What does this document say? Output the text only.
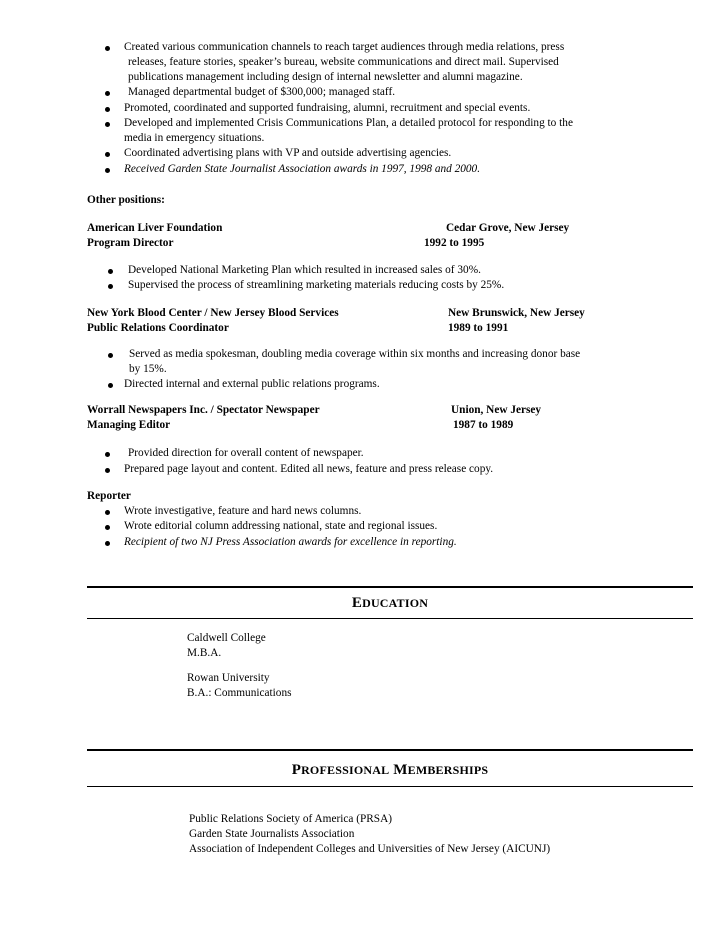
Created various communication channels to reach target audiences through media relations, press
releases, feature stories, speaker’s bureau, website communications and direct mail. Supervised
publications management including design of internal newsletter and alumni magazine.
Managed departmental budget of $300,000; managed staff.
Promoted, coordinated and supported fundraising, alumni, recruitment and special events.
Developed and implemented Crisis Communications Plan, a detailed protocol for responding to the
media in emergency situations.
Coordinated advertising plans with VP and outside advertising agencies.
Received Garden State Journalist Association awards in 1997, 1998 and 2000.
Other positions:
American Liver Foundation	Cedar Grove, New Jersey
Program Director	1992 to 1995
Developed National Marketing Plan which resulted in increased sales of 30%.
Supervised the process of streamlining marketing materials reducing costs by 25%.
New York Blood Center / New Jersey Blood Services	New Brunswick, New Jersey
Public Relations Coordinator	1989 to 1991
Served as media spokesman, doubling media coverage within six months and increasing donor base
by 15%.
Directed internal and external public relations programs.
Worrall Newspapers Inc. / Spectator Newspaper	Union, New Jersey
Managing Editor	1987 to 1989
Provided direction for overall content of newspaper.
Prepared page layout and content. Edited all news, feature and press release copy.
Reporter
Wrote investigative, feature and hard news columns.
Wrote editorial column addressing national, state and regional issues.
Recipient of two NJ Press Association awards for excellence in reporting.
EDUCATION
Caldwell College
M.B.A.
Rowan University
B.A.: Communications
PROFESSIONAL MEMBERSHIPS
Public Relations Society of America (PRSA)
Garden State Journalists Association
Association of Independent Colleges and Universities of New Jersey (AICUNJ)
